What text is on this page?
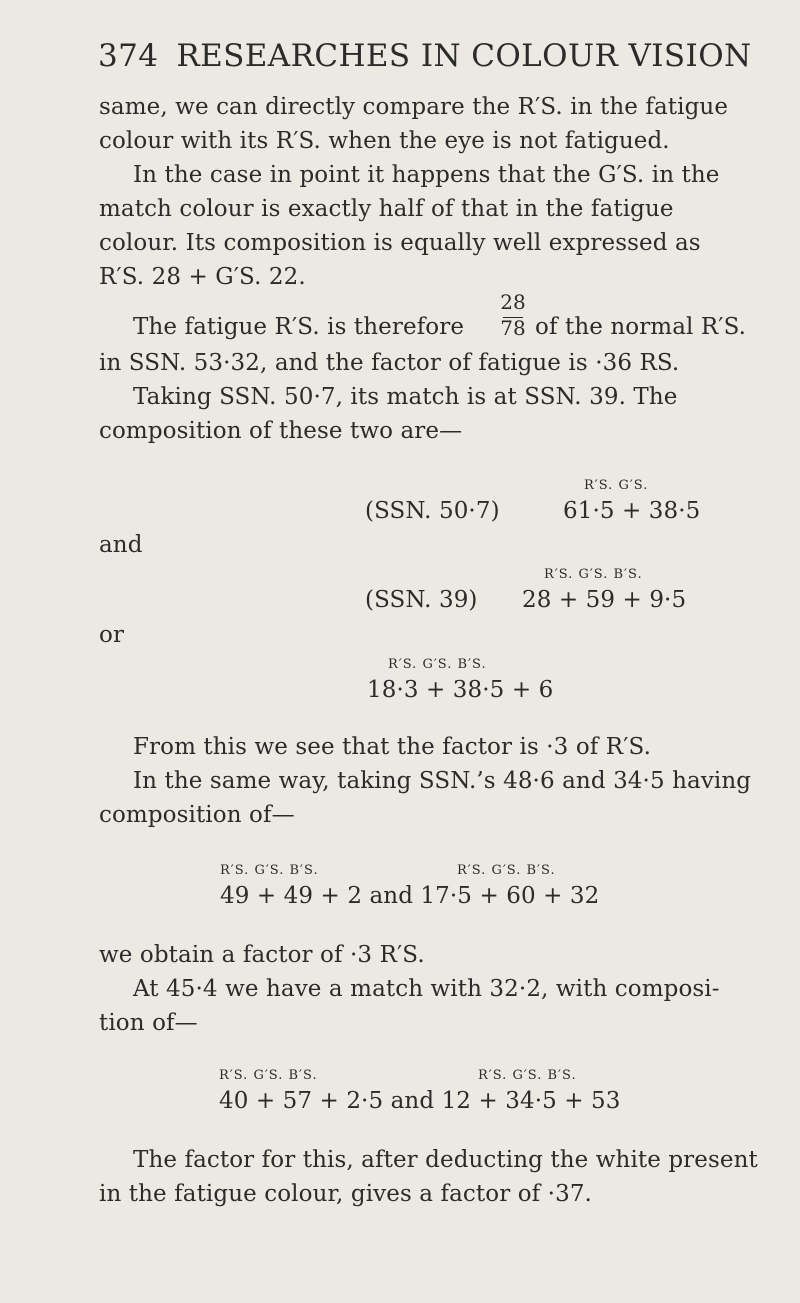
374 RESEARCHES IN COLOUR VISION
same, we can directly compare the R′S. in the fatigue
colour with its R′S. when the eye is not fatigued.
In the case in point it happens that the G′S. in the
match colour is exactly half of that in the fatigue
colour. Its composition is equally well expressed as
R′S. 28 + G′S. 22.
The fatigue R′S. is therefore
28
78 of the normal R′S.
in SSN. 53·32, and the factor of fatigue is ·36 RS.
Taking SSN. 50·7, its match is at SSN. 39. The
composition of these two are—
R′S. G′S.
(SSN. 50·7)	61·5 + 38·5
and
R′S. G′S. B′S.
(SSN. 39) 28 + 59 + 9·5
or
R′S. G′S. B′S.
18·3 + 38·5 + 6
From this we see that the factor is ·3 of R′S.
In the same way, taking SSN.’s 48·6 and 34·5 having
composition of—
R′S. G′S. B′S.	R′S. G′S. B′S.
49 + 49 + 2 and 17·5 + 60 + 32
we obtain a factor of ·3 R′S.
At 45·4 we have a match with 32·2, with composi-
tion of—
R′S. G′S. B′S.	R′S. G′S. B′S.
40 + 57 + 2·5 and 12 + 34·5 + 53
The factor for this, after deducting the white present
in the fatigue colour, gives a factor of ·37.
